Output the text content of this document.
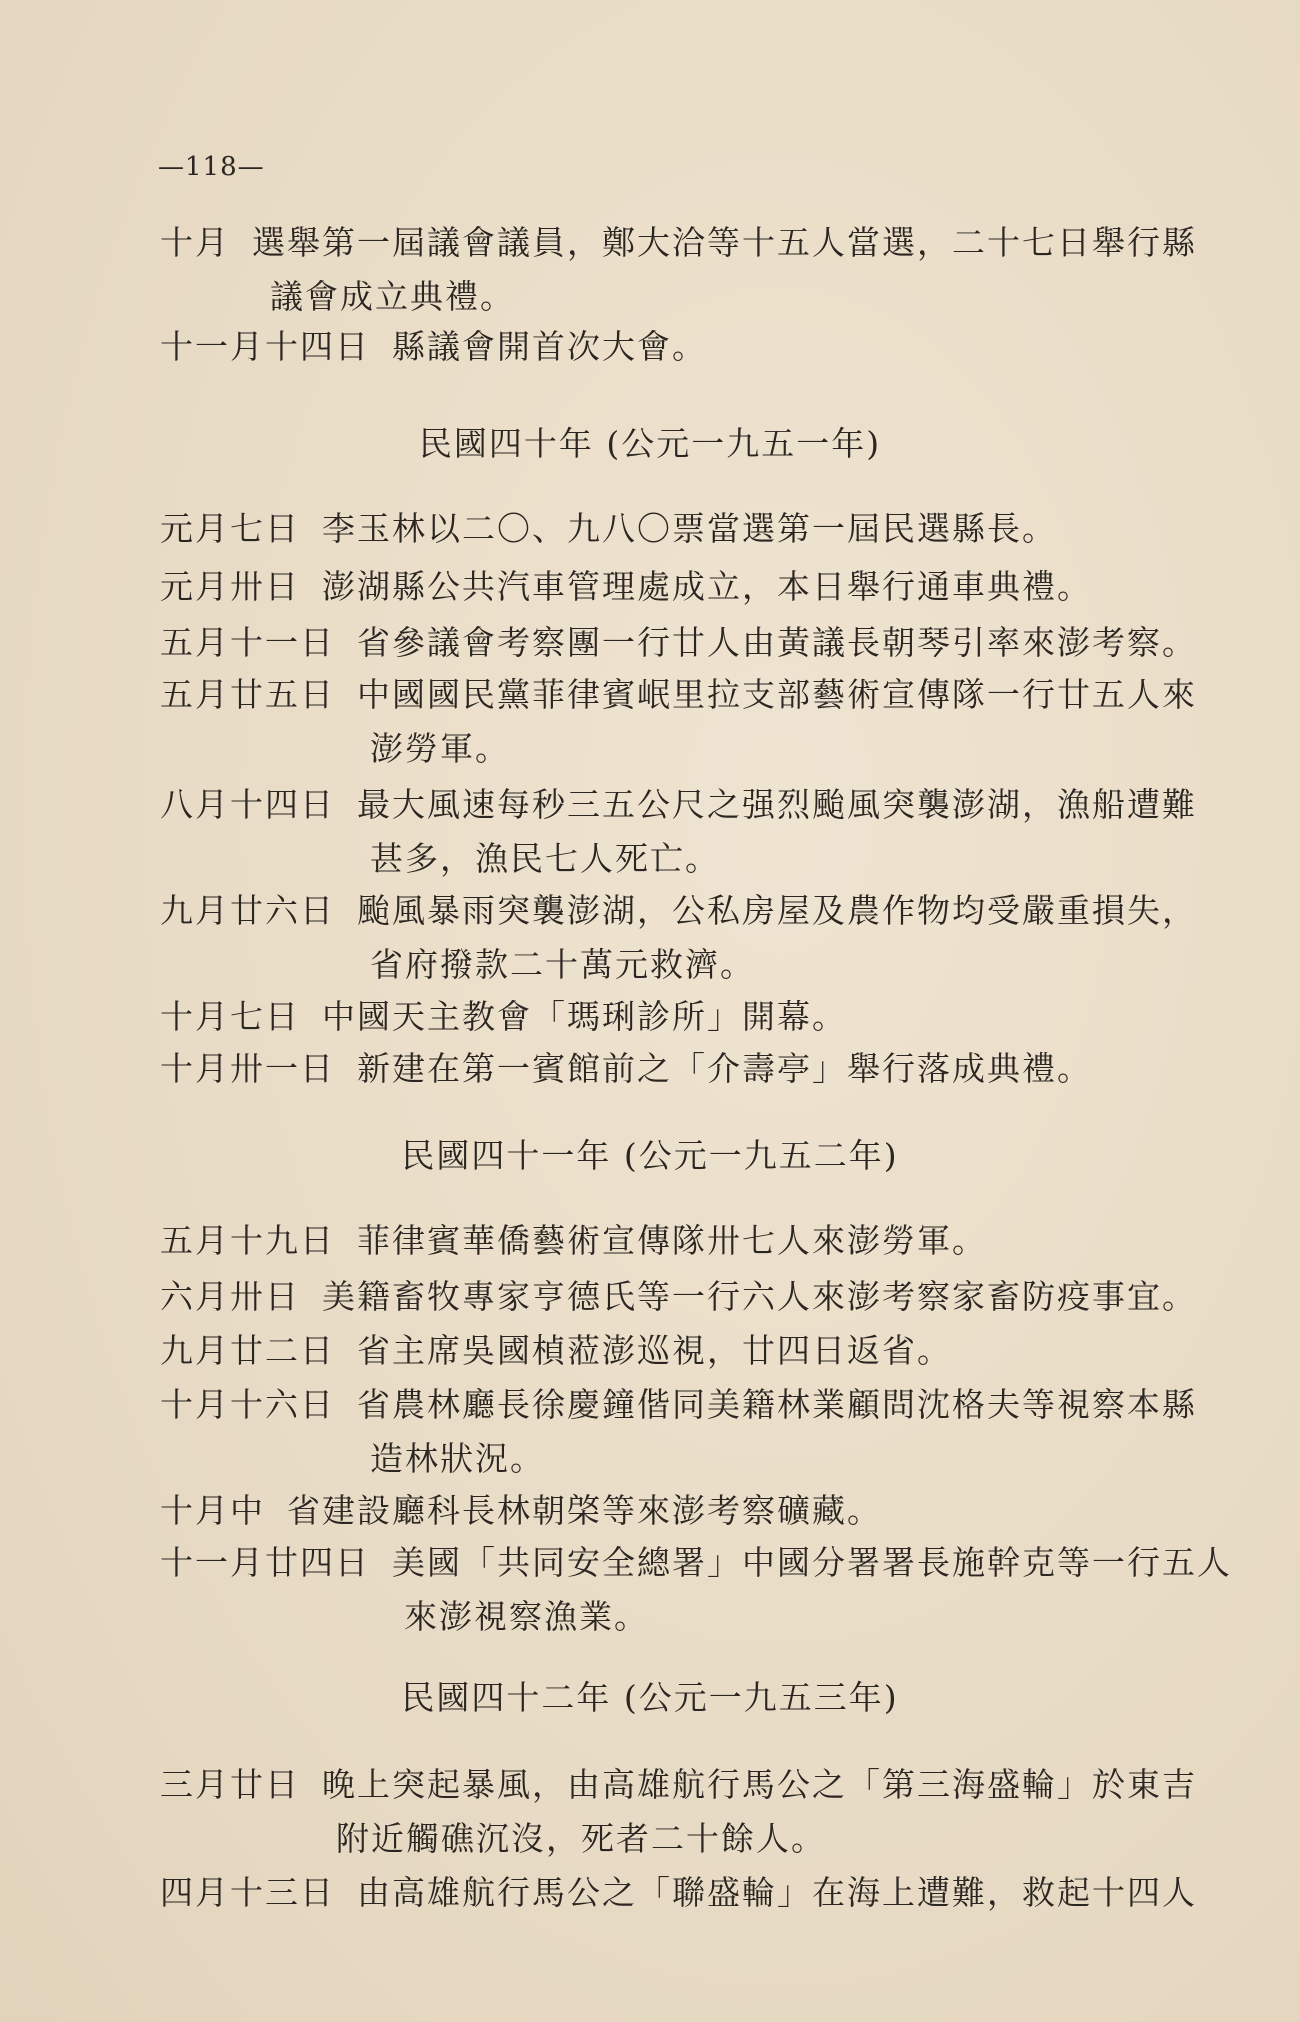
—118—
十月 選舉第一屆議會議員，鄭大洽等十五人當選，二十七日舉行縣
議會成立典禮。
十一月十四日 縣議會開首次大會。
民國四十年 (公元一九五一年)
元月七日 李玉林以二〇、九八〇票當選第一屆民選縣長。
元月卅日 澎湖縣公共汽車管理處成立，本日舉行通車典禮。
五月十一日 省參議會考察團一行廿人由黃議長朝琴引率來澎考察。
五月廿五日 中國國民黨菲律賓岷里拉支部藝術宣傳隊一行廿五人來
澎勞軍。
八月十四日 最大風速每秒三五公尺之强烈颱風突襲澎湖，漁船遭難
甚多，漁民七人死亡。
九月廿六日 颱風暴雨突襲澎湖，公私房屋及農作物均受嚴重損失，
省府撥款二十萬元救濟。
十月七日 中國天主教會「瑪琍診所」開幕。
十月卅一日 新建在第一賓館前之「介壽亭」舉行落成典禮。
民國四十一年 (公元一九五二年)
五月十九日 菲律賓華僑藝術宣傳隊卅七人來澎勞軍。
六月卅日 美籍畜牧專家亨德氏等一行六人來澎考察家畜防疫事宜。
九月廿二日 省主席吳國楨蒞澎巡視，廿四日返省。
十月十六日 省農林廳長徐慶鐘偕同美籍林業顧問沈格夫等視察本縣
造林狀況。
十月中 省建設廳科長林朝棨等來澎考察礦藏。
十一月廿四日 美國「共同安全總署」中國分署署長施幹克等一行五人
來澎視察漁業。
民國四十二年 (公元一九五三年)
三月廿日 晚上突起暴風，由高雄航行馬公之「第三海盛輪」於東吉
附近觸礁沉沒，死者二十餘人。
四月十三日 由高雄航行馬公之「聯盛輪」在海上遭難，救起十四人
